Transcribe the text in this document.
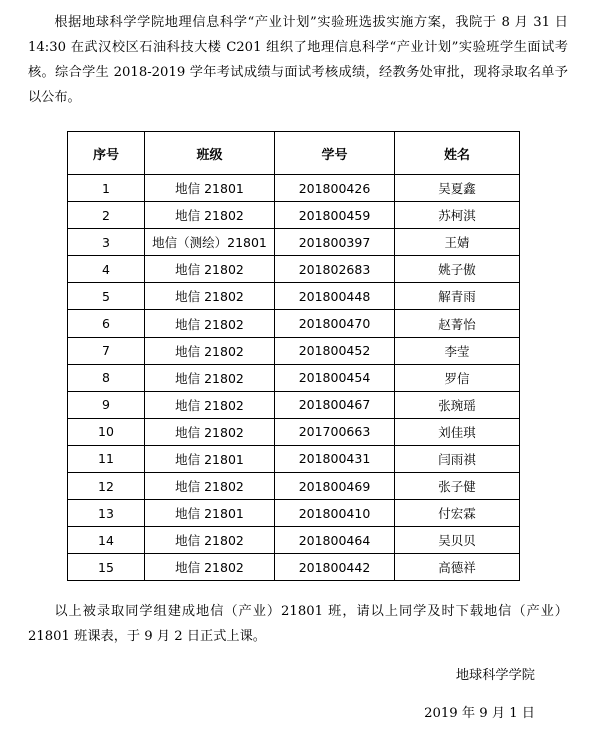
根据地球科学学院地理信息科学“产业计划”实验班选拔实施方案，我院于 8 月 31 日 14:30 在武汉校区石油科技大楼 C201 组织了地理信息科学“产业计划”实验班学生面试考核。综合学生 2018-2019 学年考试成绩与面试考核成绩，经教务处审批，现将录取名单予以公布。

序号	班级	学号	姓名
1	地信 21801	201800426	吴夏鑫
2	地信 21802	201800459	苏柯淇
3	地信（测绘）21801	201800397	王婧
4	地信 21802	201802683	姚子傲
5	地信 21802	201800448	解青雨
6	地信 21802	201800470	赵菁怡
7	地信 21802	201800452	李莹
8	地信 21802	201800454	罗信
9	地信 21802	201800467	张琬瑶
10	地信 21802	201700663	刘佳琪
11	地信 21801	201800431	闫雨祺
12	地信 21802	201800469	张子健
13	地信 21801	201800410	付宏霖
14	地信 21802	201800464	吴贝贝
15	地信 21802	201800442	高德祥

以上被录取同学组建成地信（产业）21801 班，请以上同学及时下载地信（产业）21801 班课表，于 9 月 2 日正式上课。

地球科学学院

2019 年 9 月 1 日
